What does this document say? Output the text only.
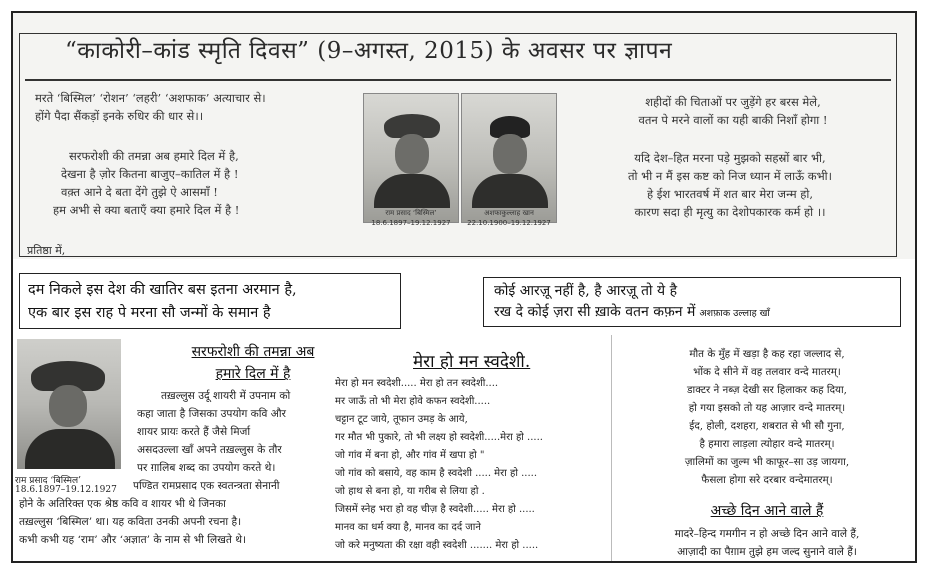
“काकोरी–कांड स्मृति दिवस” (9–अगस्त, 2015) के अवसर पर ज्ञापन
मरते ‘बिस्मिल’ ‘रोशन’ ‘लहरी’ ‘अशफाक’ अत्याचार से।
होंगे पैदा सैंकड़ों इनके रुधिर की धार से।।
सरफरोशी की तमन्ना अब हमारे दिल में है,
देखना है ज़ोर कितना बाजुए–कातिल में है !
वक़्त आने दे बता देंगे तुझे ऐ आसमाँ !
हम अभी से क्या बताएँ क्या हमारे दिल में है !	राम प्रसाद ‘बिस्मिल’
18.6.1897–19.12.1927
अशफाकुल्लाह खान
22.10.1900–19.12.1927
शहीदों की चिताओं पर जुड़ेंगे हर बरस मेले,
वतन पे मरने वालों का यही बाकी निशाँ होगा !
यदि देश–हित मरना पड़े मुझको सहस्रों बार भी,
तो भी न मैं इस कष्ट को निज ध्यान में लाऊँ कभी।
हे ईश भारतवर्ष में शत बार मेरा जन्म हो,
कारण सदा ही मृत्यु का देशोपकारक कर्म हो ।।
प्रतिष्ठा में,
दम निकले इस देश की खातिर बस इतना अरमान है,
एक बार इस राह पे मरना सौ जन्मों के समान है
कोई आरज़ू नहीं है, है आरज़ू तो ये है
रख दे कोई ज़रा सी ख़ाके वतन कफ़न में अशफ़ाक उल्लाह खाँ
राम प्रसाद ‘बिस्मिल’
18.6.1897–19.12.1927
सरफरोशी की तमन्ना अब
हमारे दिल में है
तख़ल्लुस उर्दू शायरी में उपनाम को
कहा जाता है जिसका उपयोग कवि और
शायर प्रायः करते हैं जैसे मिर्जा
असदउल्ला खाँ अपने तख़ल्लुस के तौर
पर ग़ालिब शब्द का उपयोग करते थे।
पण्डित रामप्रसाद एक स्वतन्त्रता सेनानी
होने के अतिरिक्त एक श्रेष्ठ कवि व शायर भी थे जिनका
तख़ल्लुस ‘बिस्मिल’ था। यह कविता उनकी अपनी रचना है।
कभी कभी यह ‘राम’ और ‘अज्ञात’ के नाम से भी लिखते थे।
मेरा हो मन स्वदेशी.
मेरा हो मन स्वदेशी..... मेरा हो तन स्वदेशी....
मर जाऊँ तो भी मेरा होवे कफन स्वदेशी.....
चट्टान टूट जाये, तूफान उमड़ के आये,
गर मौत भी पुकारे, तो भी लक्ष्य हो स्वदेशी.....मेरा हो .....
जो गांव में बना हो, और गांव में खपा हो "
जो गांव को बसाये, वह काम है स्वदेशी ..... मेरा हो .....
जो हाथ से बना हो, या गरीब से लिया हो .
जिसमें स्नेह भरा हो वह चीज़ है स्वदेशी..... मेरा हो .....
मानव का धर्म क्या है, मानव का दर्द जाने
जो करे मनुष्यता की रक्षा वही स्वदेशी ....... मेरा हो .....
मौत के मुँह में खड़ा है कह रहा जल्लाद से,
भोंक दे सीने में वह तलवार वन्दे मातरम्।
डाक्टर ने नब्ज़ देखी सर हिलाकर कह दिया,
हो गया इसको तो यह आज़ार वन्दे मातरम्।
ईद, होली, दशहरा, शबरात से भी सौ गुना,
है हमारा लाड़ला त्योहार वन्दे मातरम्।
ज़ालिमों का जुल्म भी काफूर–सा उड़ जायगा,
फैसला होगा सरे दरबार वन्देमातरम्।
अच्छे दिन आने वाले हैं
मादरे–हिन्द गमगीन न हो अच्छे दिन आने वाले हैं,
आज़ादी का पैग़ाम तुझे हम जल्द सुनाने वाले हैं।
